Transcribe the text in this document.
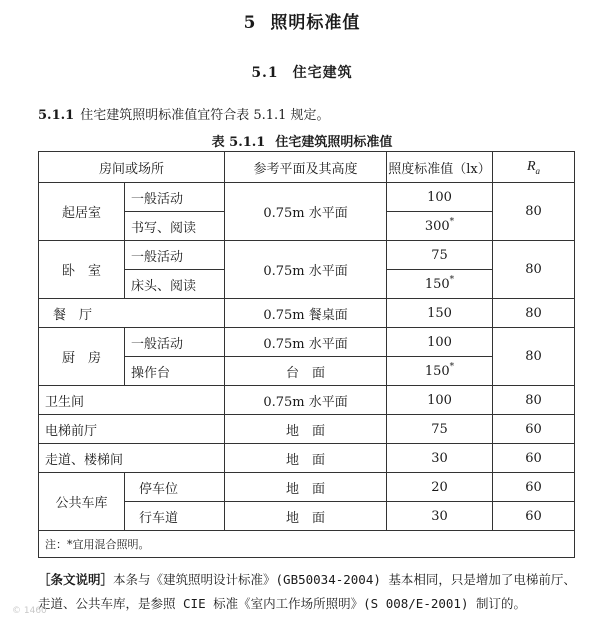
5 照明标准值
5.1 住宅建筑
5.1.1 住宅建筑照明标准值宜符合表 5.1.1 规定。
表 5.1.1 住宅建筑照明标准值
房间或场所		参考平面及其高度	照度标准值（lx）	$R_a$
起居室	一般活动	0.75m 水平面	100	80
	书写、阅读		300*
卧　室	一般活动	0.75m 水平面	75	80
	床头、阅读		150*
餐　厅		0.75m 餐桌面	150	80
厨　房	一般活动	0.75m 水平面	100	80
	操作台	台　面	150*
卫生间		0.75m 水平面	100	80
电梯前厅		地　面	75	60
走道、楼梯间		地　面	30	60
公共车库	停车位	地　面	20	60
	行车道	地　面	30	60
注：*宜用混合照明。				
［条文说明］本条与《建筑照明设计标准》(GB50034-2004) 基本相同，只是增加了电梯前厅、
走道、公共车库，是参照 CIE 标准《室内工作场所照明》(S 008/E-2001) 制订的。
© 1460
